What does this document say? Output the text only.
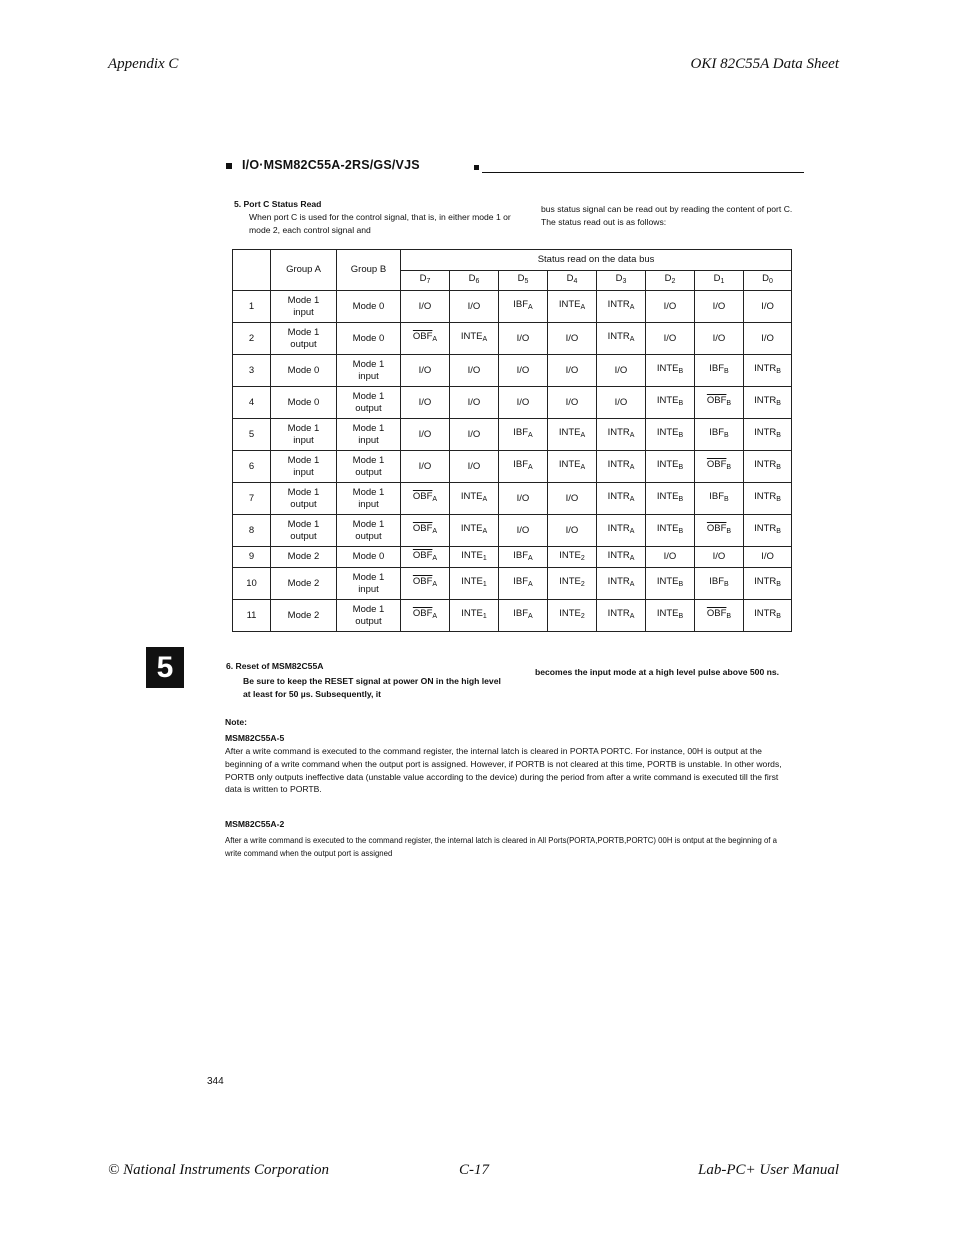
Appendix C	OKI 82C55A Data Sheet
I/O·MSM82C55A-2RS/GS/VJS
5. Port C Status Read
When port C is used for the control signal, that is, in either mode 1 or mode 2, each control signal and
bus status signal can be read out by reading the content of port C. The status read out is as follows:
	Group A	Group B	Status read on the data bus							
			$D_7$	$D_6$	$D_5$	$D_4$	$D_3$	$D_2$	$D_1$	$D_0$
1	Mode 1 input	Mode 0	I/O	I/O	$IBF_A$	$INTE_A$	$INTR_A$	I/O	I/O	I/O
2	Mode 1 output	Mode 0	$\overline{OBF}_A$	$INTE_A$	I/O	I/O	$INTR_A$	I/O	I/O	I/O
3	Mode 0	Mode 1 input	I/O	I/O	I/O	I/O	I/O	$INTE_B$	$IBF_B$	$INTR_B$
4	Mode 0	Mode 1 output	I/O	I/O	I/O	I/O	I/O	$INTE_B$	$\overline{OBF}_B$	$INTR_B$
5	Mode 1 input	Mode 1 input	I/O	I/O	$IBF_A$	$INTE_A$	$INTR_A$	$INTE_B$	$IBF_B$	$INTR_B$
6	Mode 1 input	Mode 1 output	I/O	I/O	$IBF_A$	$INTE_A$	$INTR_A$	$INTE_B$	$\overline{OBF}_B$	$INTR_B$
7	Mode 1 output	Mode 1 input	$\overline{OBF}_A$	$INTE_A$	I/O	I/O	$INTR_A$	$INTE_B$	$IBF_B$	$INTR_B$
8	Mode 1 output	Mode 1 output	$\overline{OBF}_A$	$INTE_A$	I/O	I/O	$INTR_A$	$INTE_B$	$\overline{OBF}_B$	$INTR_B$
9	Mode 2	Mode 0	$\overline{OBF}_A$	$INTE_1$	$IBF_A$	$INTE_2$	$INTR_A$	I/O	I/O	I/O
10	Mode 2	Mode 1 input	$\overline{OBF}_A$	$INTE_1$	$IBF_A$	$INTE_2$	$INTR_A$	$INTE_B$	$IBF_B$	$INTR_B$
11	Mode 2	Mode 1 output	$\overline{OBF}_A$	$INTE_1$	$IBF_A$	$INTE_2$	$INTR_A$	$INTE_B$	$\overline{OBF}_B$	$INTR_B$
5	6. Reset of MSM82C55A
Be sure to keep the RESET signal at power ON in the high level at least for 50 µs. Subsequently, it
becomes the input mode at a high level pulse above 500 ns.
Note:
MSM82C55A-5
After a write command is executed to the command register, the internal latch is cleared in PORTA PORTC. For instance, 00H is output at the beginning of a write command when the output port is assigned. However, if PORTB is not cleared at this time, PORTB is unstable. In other words, PORTB only outputs ineffective data (unstable value according to the device) during the period from after a write command is executed till the first data is written to PORTB.
MSM82C55A-2
After a write command is executed to the command register, the internal latch is cleared in All Ports(PORTA,PORTB,PORTC) 00H is ontput at the beginning of a write command when the output port is assigned
344
© National Instruments Corporation	C-17	Lab-PC+ User Manual
